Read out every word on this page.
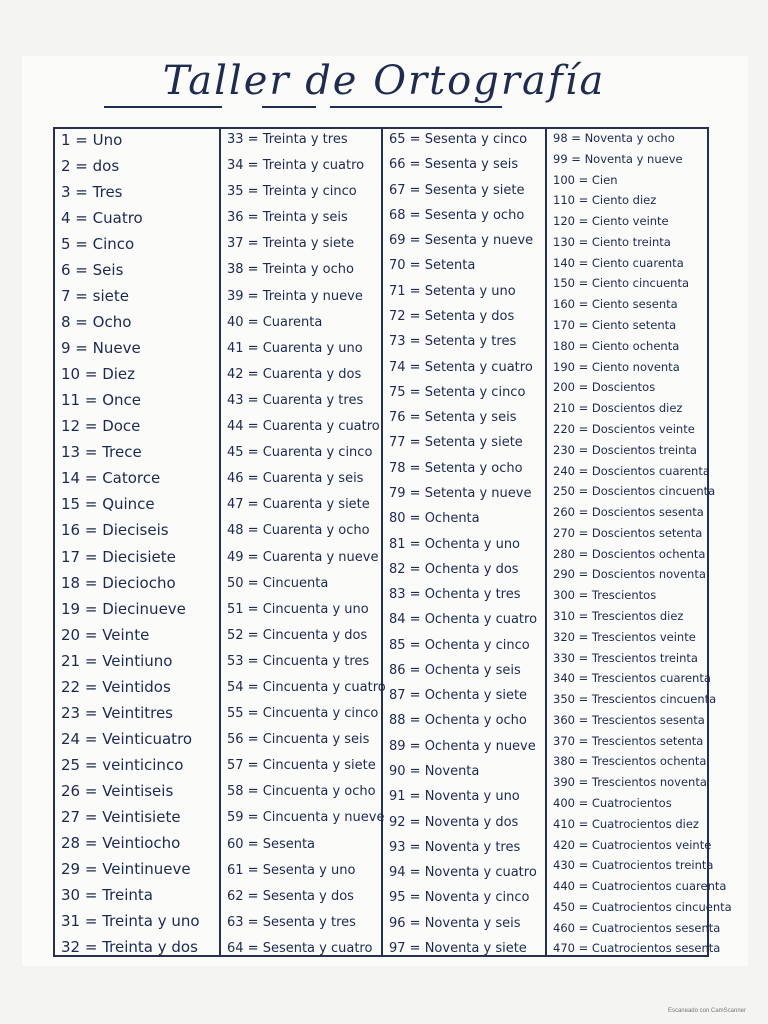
Taller de Ortografía
1 = Uno
2 = dos
3 = Tres
4 = Cuatro
5 = Cinco
6 = Seis
7 = siete
8 = Ocho
9 = Nueve
10 = Diez
11 = Once
12 = Doce
13 = Trece
14 = Catorce
15 = Quince
16 = Dieciseis
17 = Diecisiete
18 = Dieciocho
19 = Diecinueve
20 = Veinte
21 = Veintiuno
22 = Veintidos
23 = Veintitres
24 = Veinticuatro
25 = veinticinco
26 = Veintiseis
27 = Veintisiete
28 = Veintiocho
29 = Veintinueve
30 = Treinta
31 = Treinta y uno
32 = Treinta y dos
33 = Treinta y tres
34 = Treinta y cuatro
35 = Treinta y cinco
36 = Treinta y seis
37 = Treinta y siete
38 = Treinta y ocho
39 = Treinta y nueve
40 = Cuarenta
41 = Cuarenta y uno
42 = Cuarenta y dos
43 = Cuarenta y tres
44 = Cuarenta y cuatro
45 = Cuarenta y cinco
46 = Cuarenta y seis
47 = Cuarenta y siete
48 = Cuarenta y ocho
49 = Cuarenta y nueve
50 = Cincuenta
51 = Cincuenta y uno
52 = Cincuenta y dos
53 = Cincuenta y tres
54 = Cincuenta y cuatro
55 = Cincuenta y cinco
56 = Cincuenta y seis
57 = Cincuenta y siete
58 = Cincuenta y ocho
59 = Cincuenta y nueve
60 = Sesenta
61 = Sesenta y uno
62 = Sesenta y dos
63 = Sesenta y tres
64 = Sesenta y cuatro
65 = Sesenta y cinco
66 = Sesenta y seis
67 = Sesenta y siete
68 = Sesenta y ocho
69 = Sesenta y nueve
70 = Setenta
71 = Setenta y uno
72 = Setenta y dos
73 = Setenta y tres
74 = Setenta y cuatro
75 = Setenta y cinco
76 = Setenta y seis
77 = Setenta y siete
78 = Setenta y ocho
79 = Setenta y nueve
80 = Ochenta
81 = Ochenta y uno
82 = Ochenta y dos
83 = Ochenta y tres
84 = Ochenta y cuatro
85 = Ochenta y cinco
86 = Ochenta y seis
87 = Ochenta y siete
88 = Ochenta y ocho
89 = Ochenta y nueve
90 = Noventa
91 = Noventa y uno
92 = Noventa y dos
93 = Noventa y tres
94 = Noventa y cuatro
95 = Noventa y cinco
96 = Noventa y seis
97 = Noventa y siete
98 = Noventa y ocho
99 = Noventa y nueve
100 = Cien
110 = Ciento diez
120 = Ciento veinte
130 = Ciento treinta
140 = Ciento cuarenta
150 = Ciento cincuenta
160 = Ciento sesenta
170 = Ciento setenta
180 = Ciento ochenta
190 = Ciento noventa
200 = Doscientos
210 = Doscientos diez
220 = Doscientos veinte
230 = Doscientos treinta
240 = Doscientos cuarenta
250 = Doscientos cincuenta
260 = Doscientos sesenta
270 = Doscientos setenta
280 = Doscientos ochenta
290 = Doscientos noventa
300 = Trescientos
310 = Trescientos diez
320 = Trescientos veinte
330 = Trescientos treinta
340 = Trescientos cuarenta
350 = Trescientos cincuenta
360 = Trescientos sesenta
370 = Trescientos setenta
380 = Trescientos ochenta
390 = Trescientos noventa
400 = Cuatrocientos
410 = Cuatrocientos diez
420 = Cuatrocientos veinte
430 = Cuatrocientos treinta
440 = Cuatrocientos cuarenta
450 = Cuatrocientos cincuenta
460 = Cuatrocientos sesenta
470 = Cuatrocientos sesenta
Escaneado con CamScanner
